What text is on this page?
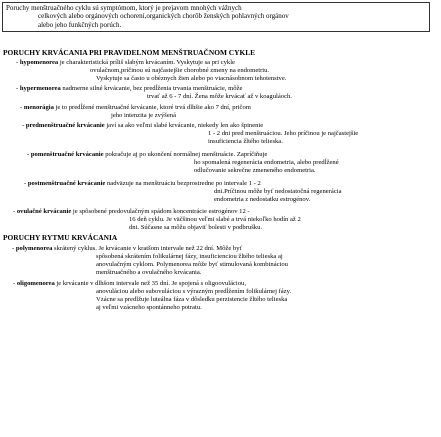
Poruchy menštruačného cyklu sú symptómom, ktorý je prejavom mnohých vážnych
celkových alebo orgánových ochorení,organických chorôb ženských pohlavných orgánov
alebo jeho funkčných porúch.
PORUCHY KRVÁCANIA PRI PRAVIDELNOM MENŠTRUAČNOM CYKLE
- hypomenorea je charakteristická príliš slabým krvácaním. Vyskytuje sa pri cykle
ovulačnom,príčinou sú najčastejšie chorobné zmeny na endometriu.
Vyskytuje sa často u obéznych žien alebo po viacnásobnom tehotenstve.
- hypermenorea nadmerne silné krvácanie, bez predĺženia trvania menštruácie, môže
trvať až 6 - 7 dní. Žena môže krvácať až v koaguláoch.
- menorágia je to predĺžené menštruačné krvácanie, ktoré trvá dlhšie ako 7 dní, pričom
jeho intenzita je zvýšená
- predmenštruačné krvácanie javí sa ako veľmi slabé krvácanie, niekedy len ako špinenie
1 - 2 dni pred menštruáciou. Jeho príčinou je najčastejšie
insuficiencia žltého telieska.
- pomenštruačné krvácanie pokračuje aj po ukončení normálnej menštruácie. Zapríčiňuje
ho spomalená regenerácia endometria, alebo predĺžené
odlučovanie sekrečne zmeneného endometria.
- postmenštruačné krvácanie nadväzuje na menštruáciu bezprostredne po intervale 1 - 2
dni.Príčinou môže byť nedostatočná regenerácia
endometria z nedostatku estrogénov.
- ovulačné krvácanie je spôsobené predovulačným spádom koncentrácie estrogénov 12 -
16 deň cyklu. Je väčšinou veľmi slabé a trvá niekoľko hodín až 2
dni. Súčasne sa môžu objaviť bolesti v podbrušku.
PORUCHY RYTMU KRVÁCANIA
- polymenorea skrátený cyklus. Je krvácanie v kratšom intervale než 22 dní. Môže byť
spôsobená skrátením folikulárnej fázy, insuficienciou žltého telieska aj
anovulačným cyklom. Polymenorea môže byť stimulovaná kombináciou
menštruačného a ovulačného krvácania.
- oligomenorea je krvácanie v dlhšom intervale než 35 dní. Je spojená s oligoovuláciou,
anovuláciou alebo subovuláciou s výrazným predĺžením folikulárnej fázy.
Vzácne sa predlžuje luteálna fáza v dôsledku perzistencie žltého telieska
aj veľmi vzácneho spontánneho potratu.
